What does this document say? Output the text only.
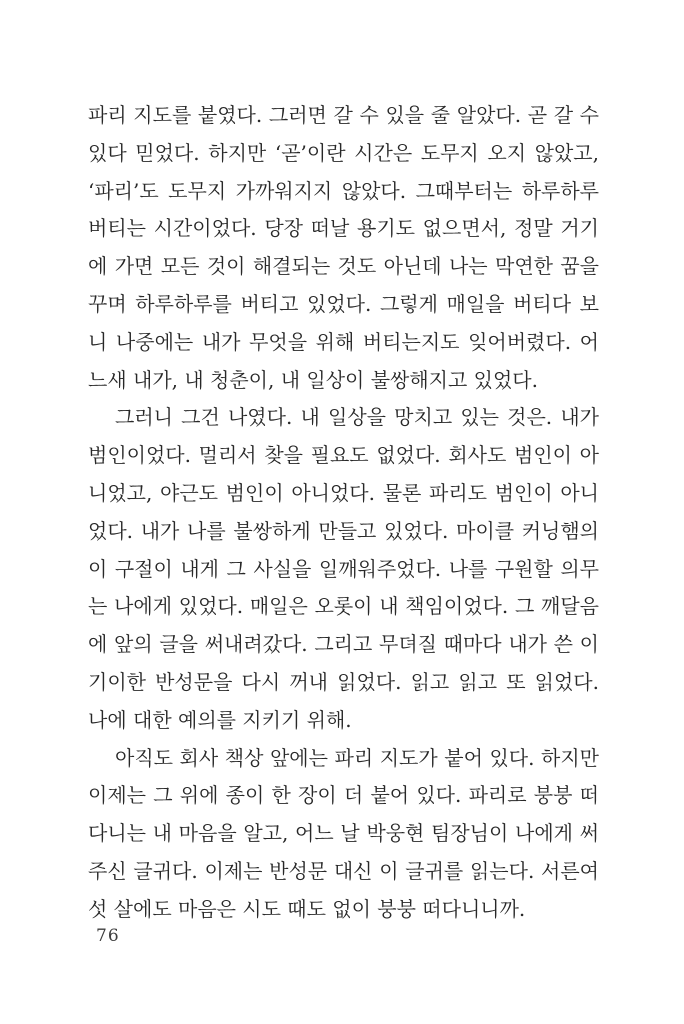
파리 지도를 붙였다. 그러면 갈 수 있을 줄 알았다. 곧 갈 수 있다 믿었다. 하지만 ‘곧’이란 시간은 도무지 오지 않았고, ‘파리’도 도무지 가까워지지 않았다. 그때부터는 하루하루 버티는 시간이었다. 당장 떠날 용기도 없으면서, 정말 거기에 가면 모든 것이 해결되는 것도 아닌데 나는 막연한 꿈을 꾸며 하루하루를 버티고 있었다. 그렇게 매일을 버티다 보니 나중에는 내가 무엇을 위해 버티는지도 잊어버렸다. 어느새 내가, 내 청춘이, 내 일상이 불쌍해지고 있었다.

그러니 그건 나였다. 내 일상을 망치고 있는 것은. 내가 범인이었다. 멀리서 찾을 필요도 없었다. 회사도 범인이 아니었고, 야근도 범인이 아니었다. 물론 파리도 범인이 아니었다. 내가 나를 불쌍하게 만들고 있었다. 마이클 커닝햄의 이 구절이 내게 그 사실을 일깨워주었다. 나를 구원할 의무는 나에게 있었다. 매일은 오롯이 내 책임이었다. 그 깨달음에 앞의 글을 써내려갔다. 그리고 무뎌질 때마다 내가 쓴 이 기이한 반성문을 다시 꺼내 읽었다. 읽고 읽고 또 읽었다. 나에 대한 예의를 지키기 위해.

아직도 회사 책상 앞에는 파리 지도가 붙어 있다. 하지만 이제는 그 위에 종이 한 장이 더 붙어 있다. 파리로 붕붕 떠다니는 내 마음을 알고, 어느 날 박웅현 팀장님이 나에게 써주신 글귀다. 이제는 반성문 대신 이 글귀를 읽는다. 서른여섯 살에도 마음은 시도 때도 없이 붕붕 떠다니니까.

76
